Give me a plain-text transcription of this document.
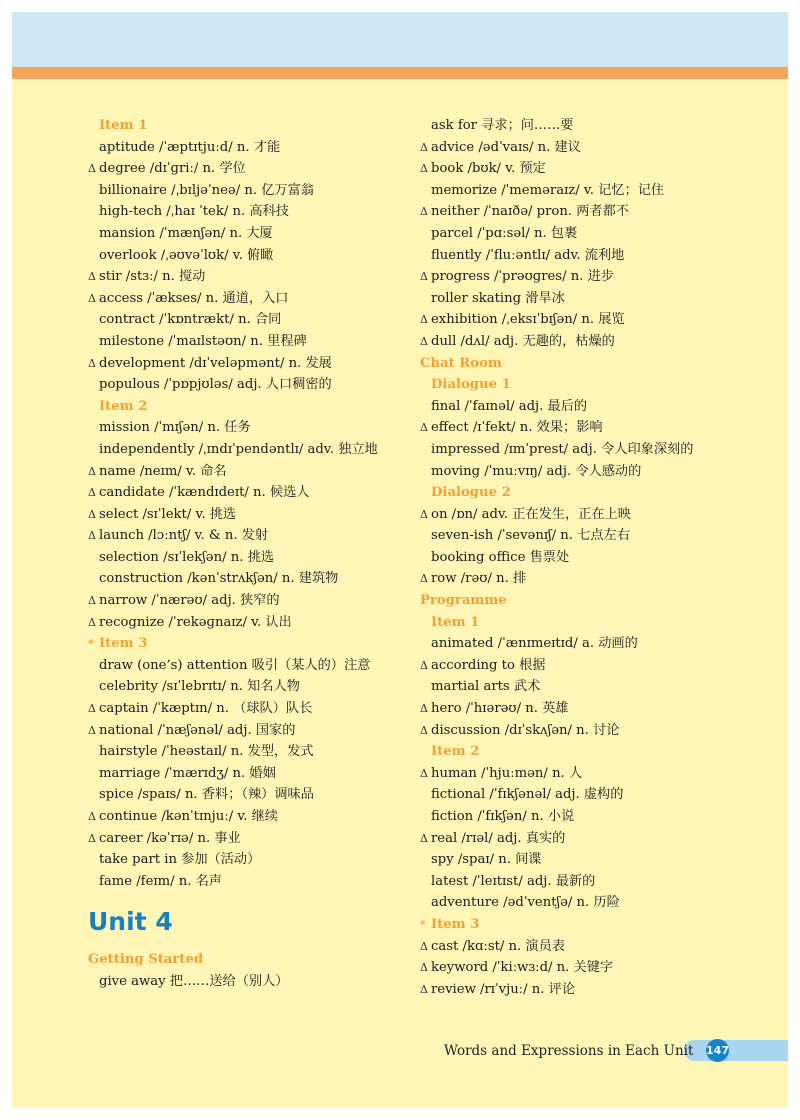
Item 1
aptitude /ˈæptɪtjuːd/ n. 才能
Δ degree /dɪˈɡriː/ n. 学位
billionaire /ˌbɪljəˈneə/ n. 亿万富翁
high-tech /ˌhaɪ ˈtek/ n. 高科技
mansion /ˈmænʃən/ n. 大厦
overlook /ˌəʊvəˈlʊk/ v. 俯瞰
Δ stir /stɜː/ n. 搅动
Δ access /ˈækses/ n. 通道，入口
contract /ˈkɒntrækt/ n. 合同
milestone /ˈmaɪlstəʊn/ n. 里程碑
Δ development /dɪˈveləpmənt/ n. 发展
populous /ˈpɒpjʊləs/ adj. 人口稠密的
Item 2
mission /ˈmɪʃən/ n. 任务
independently /ˌɪndɪˈpendəntlɪ/ adv. 独立地
Δ name /neɪm/ v. 命名
Δ candidate /ˈkændɪdeɪt/ n. 候选人
Δ select /sɪˈlekt/ v. 挑选
Δ launch /lɔːntʃ/ v. & n. 发射
selection /sɪˈlekʃən/ n. 挑选
construction /kənˈstrʌkʃən/ n. 建筑物
Δ narrow /ˈnærəʊ/ adj. 狭窄的
Δ recognize /ˈrekəɡnaɪz/ v. 认出
* Item 3
draw (one’s) attention 吸引（某人的）注意
celebrity /sɪˈlebrɪtɪ/ n. 知名人物
Δ captain /ˈkæptɪn/ n. （球队）队长
Δ national /ˈnæʃənəl/ adj. 国家的
hairstyle /ˈheəstaɪl/ n. 发型，发式
marriage /ˈmærɪdʒ/ n. 婚姻
spice /spaɪs/ n. 香料；（辣）调味品
Δ continue /kənˈtɪnjuː/ v. 继续
Δ career /kəˈrɪə/ n. 事业
take part in 参加（活动）
fame /feɪm/ n. 名声
Unit 4
Getting Started
give away 把……送给（别人）
ask for 寻求；问……要
Δ advice /ədˈvaɪs/ n. 建议
Δ book /bʊk/ v. 预定
memorize /ˈmeməraɪz/ v. 记忆；记住
Δ neither /ˈnaɪðə/ pron. 两者都不
parcel /ˈpɑːsəl/ n. 包裹
fluently /ˈfluːəntlɪ/ adv. 流利地
Δ progress /ˈprəʊɡres/ n. 进步
roller skating 滑旱冰
Δ exhibition /ˌeksɪˈbɪʃən/ n. 展览
Δ dull /dʌl/ adj. 无趣的，枯燥的
Chat Room
Dialogue 1
final /ˈfaɪnəl/ adj. 最后的
Δ effect /ɪˈfekt/ n. 效果；影响
impressed /ɪmˈprest/ adj. 令人印象深刻的
moving /ˈmuːvɪŋ/ adj. 令人感动的
Dialogue 2
Δ on /ɒn/ adv. 正在发生，正在上映
seven-ish /ˈsevənɪʃ/ n. 七点左右
booking office 售票处
Δ row /rəʊ/ n. 排
Programme
Item 1
animated /ˈænɪmeɪtɪd/ a. 动画的
Δ according to 根据
martial arts 武术
Δ hero /ˈhɪərəʊ/ n. 英雄
Δ discussion /dɪˈskʌʃən/ n. 讨论
Item 2
Δ human /ˈhjuːmən/ n. 人
fictional /ˈfɪkʃənəl/ adj. 虚构的
fiction /ˈfɪkʃən/ n. 小说
Δ real /rɪəl/ adj. 真实的
spy /spaɪ/ n. 间谍
latest /ˈleɪtɪst/ adj. 最新的
adventure /ədˈventʃə/ n. 历险
* Item 3
Δ cast /kɑːst/ n. 演员表
Δ keyword /ˈkiːwɜːd/ n. 关键字
Δ review /rɪˈvjuː/ n. 评论
Words and Expressions in Each Unit 147
